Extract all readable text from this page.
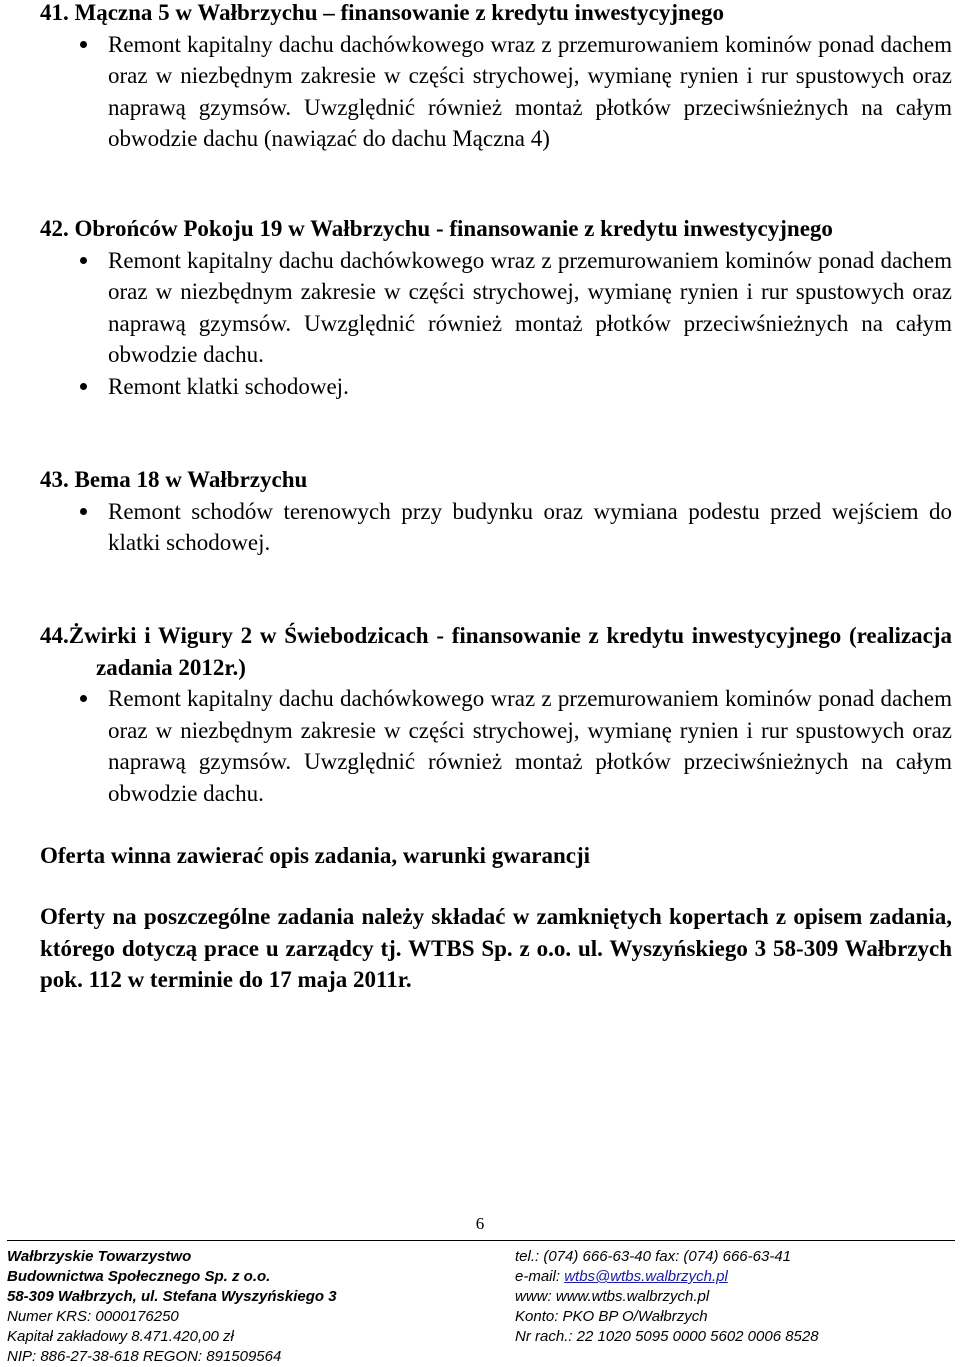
41. Mączna 5 w Wałbrzychu – finansowanie z kredytu inwestycyjnego
Remont kapitalny dachu dachówkowego wraz z przemurowaniem kominów ponad dachem oraz w niezbędnym zakresie w części strychowej, wymianę rynien i rur spustowych oraz naprawą gzymsów. Uwzględnić również montaż płotków przeciwśnieżnych na całym obwodzie dachu (nawiązać do dachu Mączna 4)
42. Obrońców Pokoju 19 w Wałbrzychu - finansowanie z kredytu inwestycyjnego
Remont kapitalny dachu dachówkowego wraz z przemurowaniem kominów ponad dachem oraz w niezbędnym zakresie w części strychowej, wymianę rynien i rur spustowych oraz naprawą gzymsów. Uwzględnić również montaż płotków przeciwśnieżnych na całym obwodzie dachu.
Remont klatki schodowej.
43. Bema 18 w Wałbrzychu
Remont schodów terenowych przy budynku oraz wymiana podestu przed wejściem do klatki schodowej.
44.Żwirki i Wigury 2 w Świebodzicach - finansowanie z kredytu inwestycyjnego (realizacja zadania 2012r.)
Remont kapitalny dachu dachówkowego wraz z przemurowaniem kominów ponad dachem oraz w niezbędnym zakresie w części strychowej, wymianę rynien i rur spustowych oraz naprawą gzymsów. Uwzględnić również montaż płotków przeciwśnieżnych na całym obwodzie dachu.
Oferta winna zawierać opis zadania, warunki gwarancji
Oferty na poszczególne zadania należy składać w zamkniętych kopertach z opisem zadania, którego dotyczą prace u zarządcy tj. WTBS Sp. z o.o. ul. Wyszyńskiego 3 58-309 Wałbrzych pok. 112 w terminie do 17 maja 2011r.
6
Wałbrzyskie Towarzystwo
Budownictwa Społecznego Sp. z o.o.
58-309 Wałbrzych, ul. Stefana Wyszyńskiego 3
Numer KRS: 0000176250
Kapitał zakładowy 8.471.420,00 zł
NIP: 886-27-38-618 REGON: 891509564
tel.: (074) 666-63-40 fax: (074) 666-63-41
e-mail: wtbs@wtbs.walbrzych.pl
www: www.wtbs.walbrzych.pl
Konto: PKO BP O/Wałbrzych
Nr rach.: 22 1020 5095 0000 5602 0006 8528
